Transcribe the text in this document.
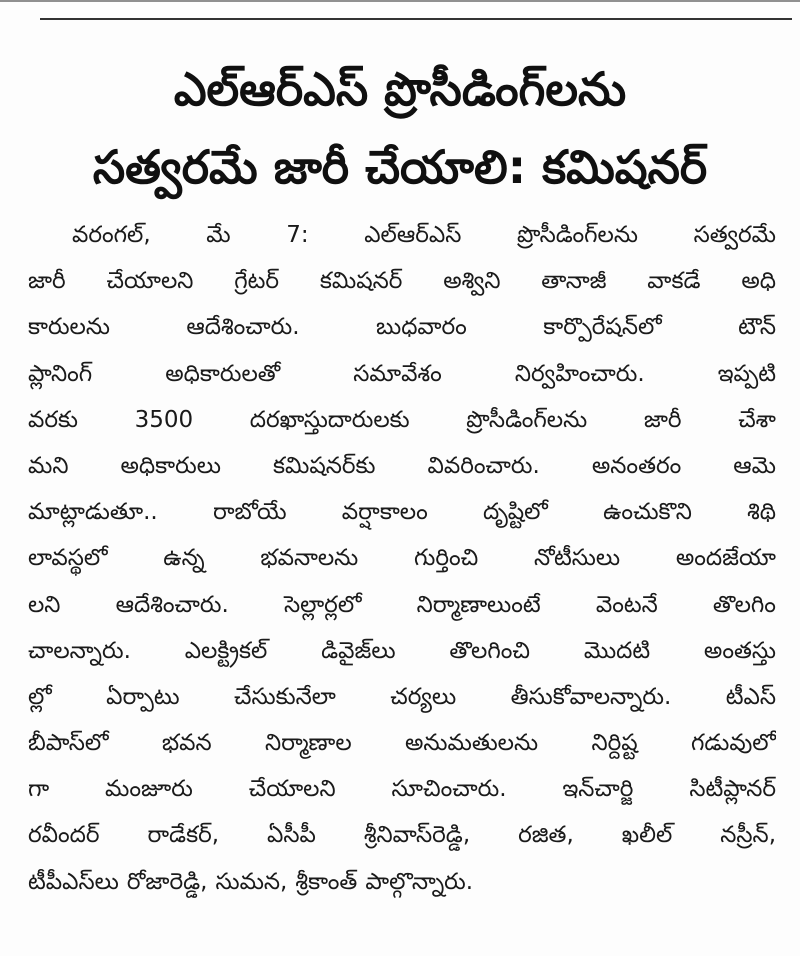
ఎల్ఆర్ఎస్ ప్రొసీడింగ్‌లను
సత్వరమే జారీ చేయాలి: కమిషనర్
వరంగల్, మే 7: ఎల్ఆర్ఎస్ ప్రొసీడింగ్‌లను సత్వరమే
జారీ చేయాలని గ్రేటర్ కమిషనర్ అశ్విని తానాజీ వాకడే అధి
కారులను	ఆదేశించారు.	బుధవారం	కార్పొరేషన్‌లో	టౌన్
ప్లానింగ్	అధికారులతో	సమావేశం	నిర్వహించారు.	ఇప్పటి
వరకు 3500 దరఖాస్తుదారులకు ప్రొసీడింగ్‌లను జారీ చేశా
మని అధికారులు కమిషనర్‌కు వివరించారు. అనంతరం ఆమె
మాట్లాడుతూ.. రాబోయే వర్షాకాలం దృష్టిలో ఉంచుకొని శిథి
లావస్థలో ఉన్న భవనాలను గుర్తించి నోటీసులు అందజేయా
లని ఆదేశించారు. సెల్లార్లలో నిర్మాణాలుంటే వెంటనే తొలగిం
చాలన్నారు. ఎలక్ట్రికల్ డివైజ్‌లు తొలగించి మొదటి అంతస్తు
ల్లో ఏర్పాటు చేసుకునేలా చర్యలు తీసుకోవాలన్నారు. టీఎస్
బీపాస్‌లో భవన నిర్మాణాల అనుమతులను నిర్దిష్ట గడువులో
గా మంజూరు చేయాలని సూచించారు. ఇన్‌చార్జి సిటీప్లానర్
రవీందర్ రాడేకర్, ఏసీపీ శ్రీనివాస్‌రెడ్డి, రజిత, ఖలీల్ నస్రీన్,
టీపీఎస్‌లు రోజారెడ్డి, సుమన, శ్రీకాంత్ పాల్గొన్నారు.
